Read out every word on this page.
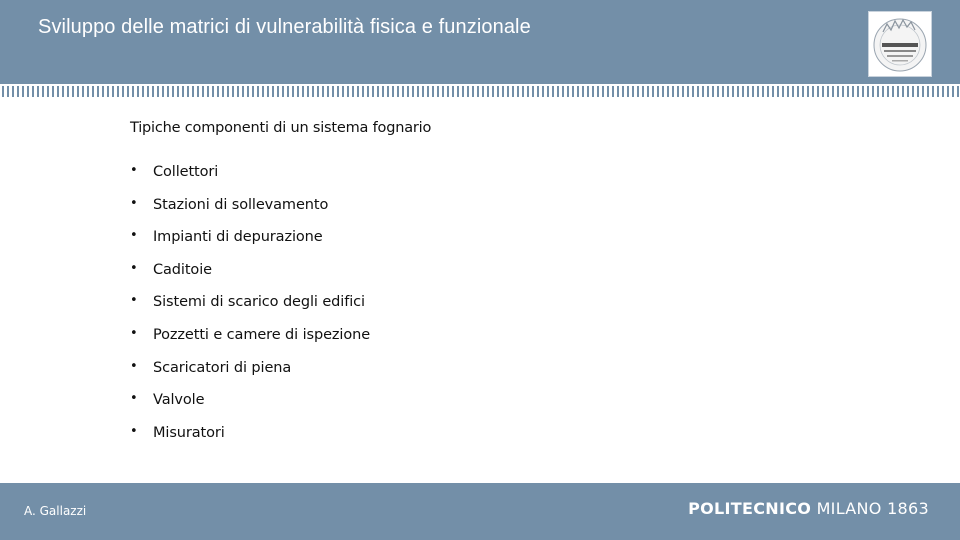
Sviluppo delle matrici di vulnerabilità fisica e funzionale
Tipiche componenti di un sistema fognario
• Collettori
• Stazioni di sollevamento
• Impianti di depurazione
• Caditoie
• Sistemi di scarico degli edifici
• Pozzetti e camere di ispezione
• Scaricatori di piena
• Valvole
• Misuratori
A. Gallazzi	POLITECNICO MILANO 1863
